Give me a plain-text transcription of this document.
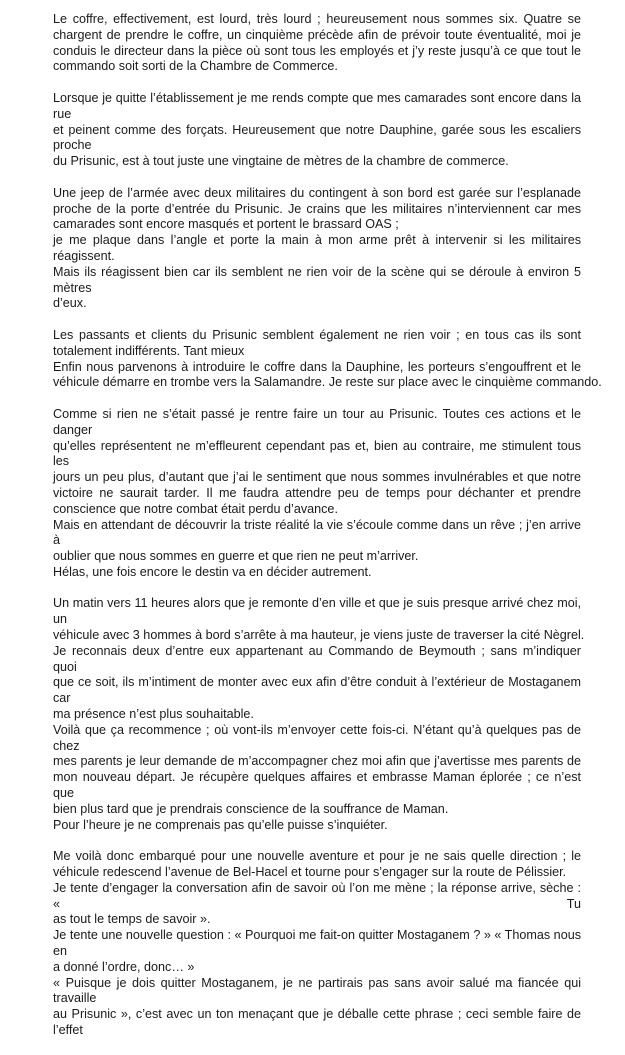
Le coffre, effectivement, est lourd, très lourd ; heureusement nous sommes six. Quatre se
chargent de prendre le coffre, un cinquième précède afin de prévoir toute éventualité, moi je
conduis le directeur dans la pièce où sont tous les employés et j’y reste jusqu’à ce que tout le
commando soit sorti de la Chambre de Commerce.
Lorsque je quitte l’établissement je me rends compte que mes camarades sont encore dans la rue
et peinent comme des forçats. Heureusement que notre Dauphine, garée sous les escaliers proche
du Prisunic, est à tout juste une vingtaine de mètres de la chambre de commerce.
Une jeep de l’armée avec deux militaires du contingent à son bord est garée sur l’esplanade
proche de la porte d’entrée du Prisunic. Je crains que les militaires n’interviennent car mes
camarades sont encore masqués et portent le brassard OAS ;
je me plaque dans l’angle et porte la main à mon arme prêt à intervenir si les militaires réagissent.
Mais ils réagissent bien car ils semblent ne rien voir de la scène qui se déroule à environ 5 mètres
d’eux.
Les passants et clients du Prisunic semblent également ne rien voir ; en tous cas ils sont
totalement indifférents. Tant mieux
Enfin nous parvenons à introduire le coffre dans la Dauphine, les porteurs s’engouffrent et le
véhicule démarre en trombe vers la Salamandre. Je reste sur place avec le cinquième commando.
Comme si rien ne s’était passé je rentre faire un tour au Prisunic. Toutes ces actions et le danger
qu’elles représentent ne m’effleurent cependant pas et, bien au contraire, me stimulent tous les
jours un peu plus, d’autant que j’ai le sentiment que nous sommes invulnérables et que notre
victoire ne saurait tarder. Il me faudra attendre peu de temps pour déchanter et prendre
conscience que notre combat était perdu d’avance.
Mais en attendant de découvrir la triste réalité la vie s’écoule comme dans un rêve ; j’en arrive à
oublier que nous sommes en guerre et que rien ne peut m’arriver.
Hélas, une fois encore le destin va en décider autrement.
Un matin vers 11 heures alors que je remonte d’en ville et que je suis presque arrivé chez moi, un
véhicule avec 3 hommes à bord s’arrête à ma hauteur, je viens juste de traverser la cité Nègrel.
Je reconnais deux d’entre eux appartenant au Commando de Beymouth ; sans m’indiquer quoi
que ce soit, ils m’intiment de monter avec eux afin d’être conduit à l’extérieur de Mostaganem car
ma présence n’est plus souhaitable.
Voilà que ça recommence ; où vont-ils m’envoyer cette fois-ci. N’étant qu’à quelques pas de chez
mes parents je leur demande de m’accompagner chez moi afin que j’avertisse mes parents de
mon nouveau départ. Je récupère quelques affaires et embrasse Maman éplorée ; ce n’est que
bien plus tard que je prendrais conscience de la souffrance de Maman.
Pour l’heure je ne comprenais pas qu’elle puisse s’inquiéter.
Me voilà donc embarqué pour une nouvelle aventure et pour je ne sais quelle direction ; le
véhicule redescend l’avenue de Bel-Hacel et tourne pour s’engager sur la route de Pélissier.
Je tente d’engager la conversation afin de savoir où l’on me mène ; la réponse arrive, sèche : « Tu
as tout le temps de savoir ».
Je tente une nouvelle question : « Pourquoi me fait-on quitter Mostaganem ? » « Thomas nous en
a donné l’ordre, donc… »
« Puisque je dois quitter Mostaganem, je ne partirais pas sans avoir salué ma fiancée qui travaille
au Prisunic », c’est avec un ton menaçant que je déballe cette phrase ; ceci semble faire de l’effet
